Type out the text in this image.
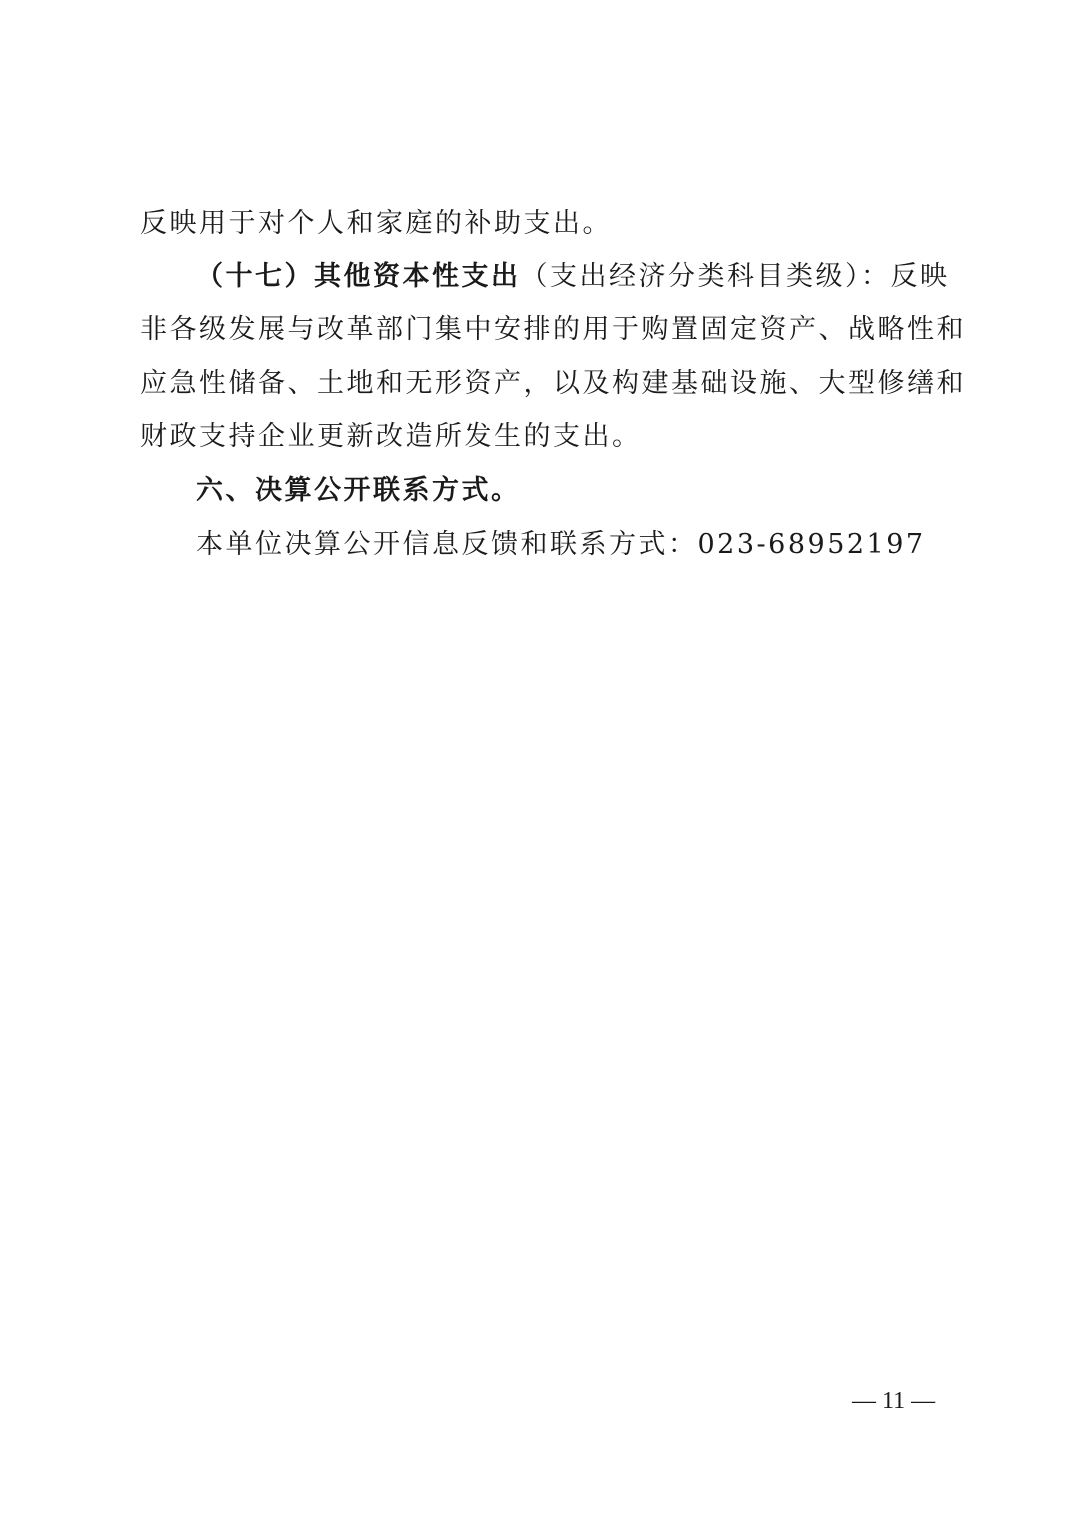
反映用于对个人和家庭的补助支出。
（十七）其他资本性支出（支出经济分类科目类级）：反映
非各级发展与改革部门集中安排的用于购置固定资产、战略性和
应急性储备、土地和无形资产，以及构建基础设施、大型修缮和
财政支持企业更新改造所发生的支出。
六、决算公开联系方式。
本单位决算公开信息反馈和联系方式：023-68952197
— 11 —
